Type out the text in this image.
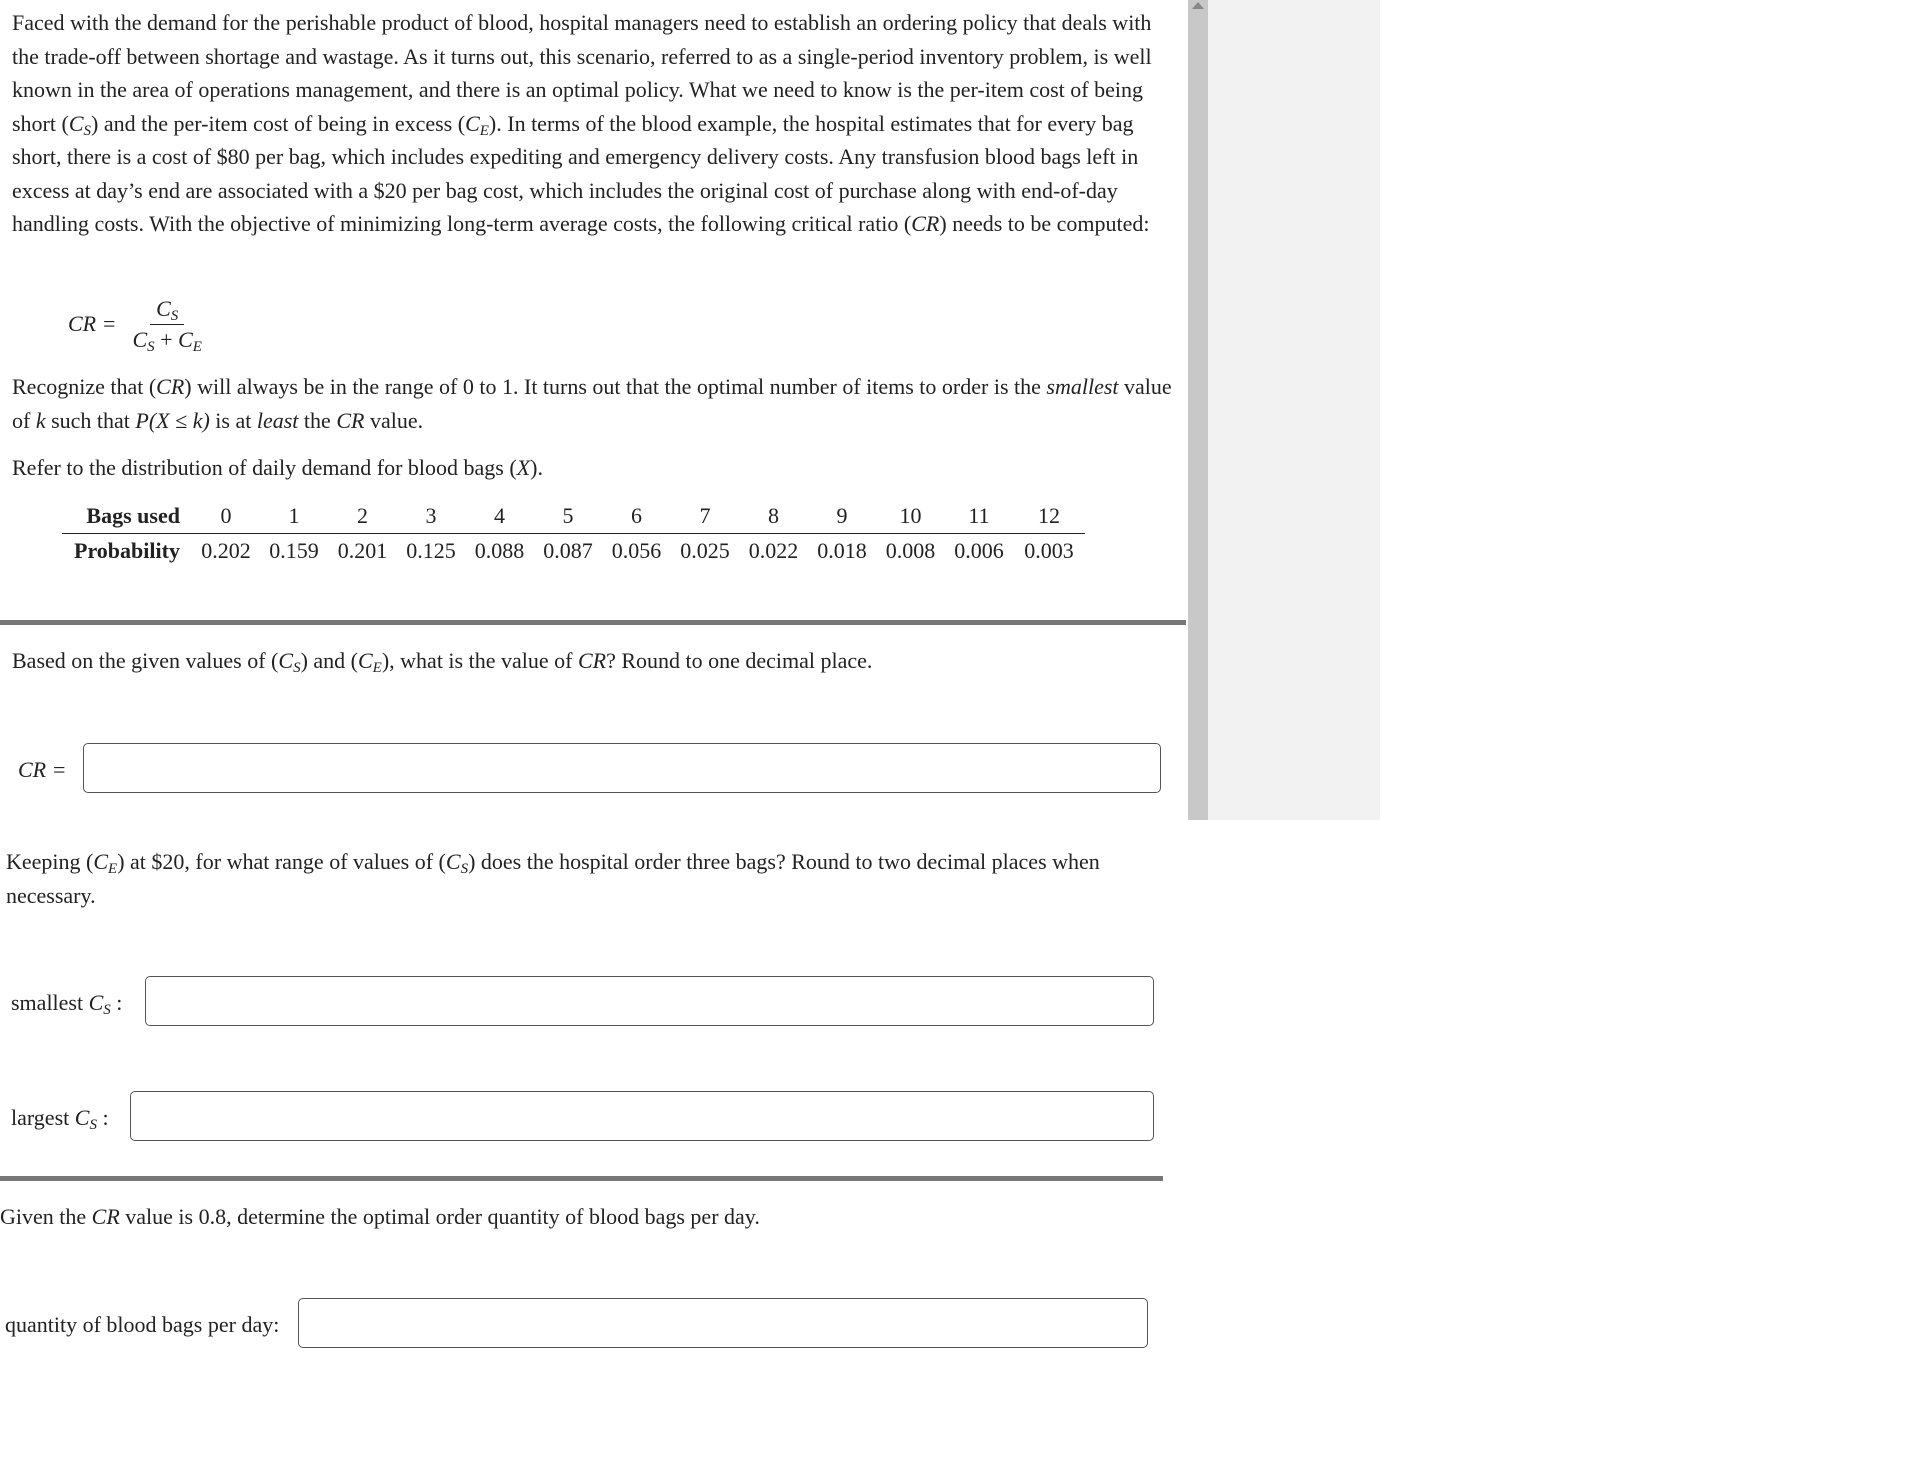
Faced with the demand for the perishable product of blood, hospital managers need to establish an ordering policy that deals with the trade-off between shortage and wastage. As it turns out, this scenario, referred to as a single-period inventory problem, is well known in the area of operations management, and there is an optimal policy. What we need to know is the per-item cost of being short $(C_S)$ and the per-item cost of being in excess $(C_E)$. In terms of the blood example, the hospital estimates that for every bag short, there is a cost of $80 per bag, which includes expediting and emergency delivery costs. Any transfusion blood bags left in excess at day’s end are associated with a $20 per bag cost, which includes the original cost of purchase along with end-of-day handling costs. With the objective of minimizing long-term average costs, the following critical ratio (CR) needs to be computed:

CR = $\frac{C_S}{C_S + C_E}$

Recognize that (CR) will always be in the range of 0 to 1. It turns out that the optimal number of items to order is the smallest value of k such that P(X ≤ k) is at least the CR value.

Refer to the distribution of daily demand for blood bags (X).

Bags used	0	1	2	3	4	5	6	7	8	9	10	11	12
Probability	0.202	0.159	0.201	0.125	0.088	0.087	0.056	0.025	0.022	0.018	0.008	0.006	0.003

Based on the given values of $(C_S)$ and $(C_E)$, what is the value of CR? Round to one decimal place.

CR =

Keeping $(C_E)$ at $20, for what range of values of $(C_S)$ does the hospital order three bags? Round to two decimal places when necessary.

smallest $C_S$ :
largest $C_S$ :

Given the CR value is 0.8, determine the optimal order quantity of blood bags per day.

quantity of blood bags per day:
